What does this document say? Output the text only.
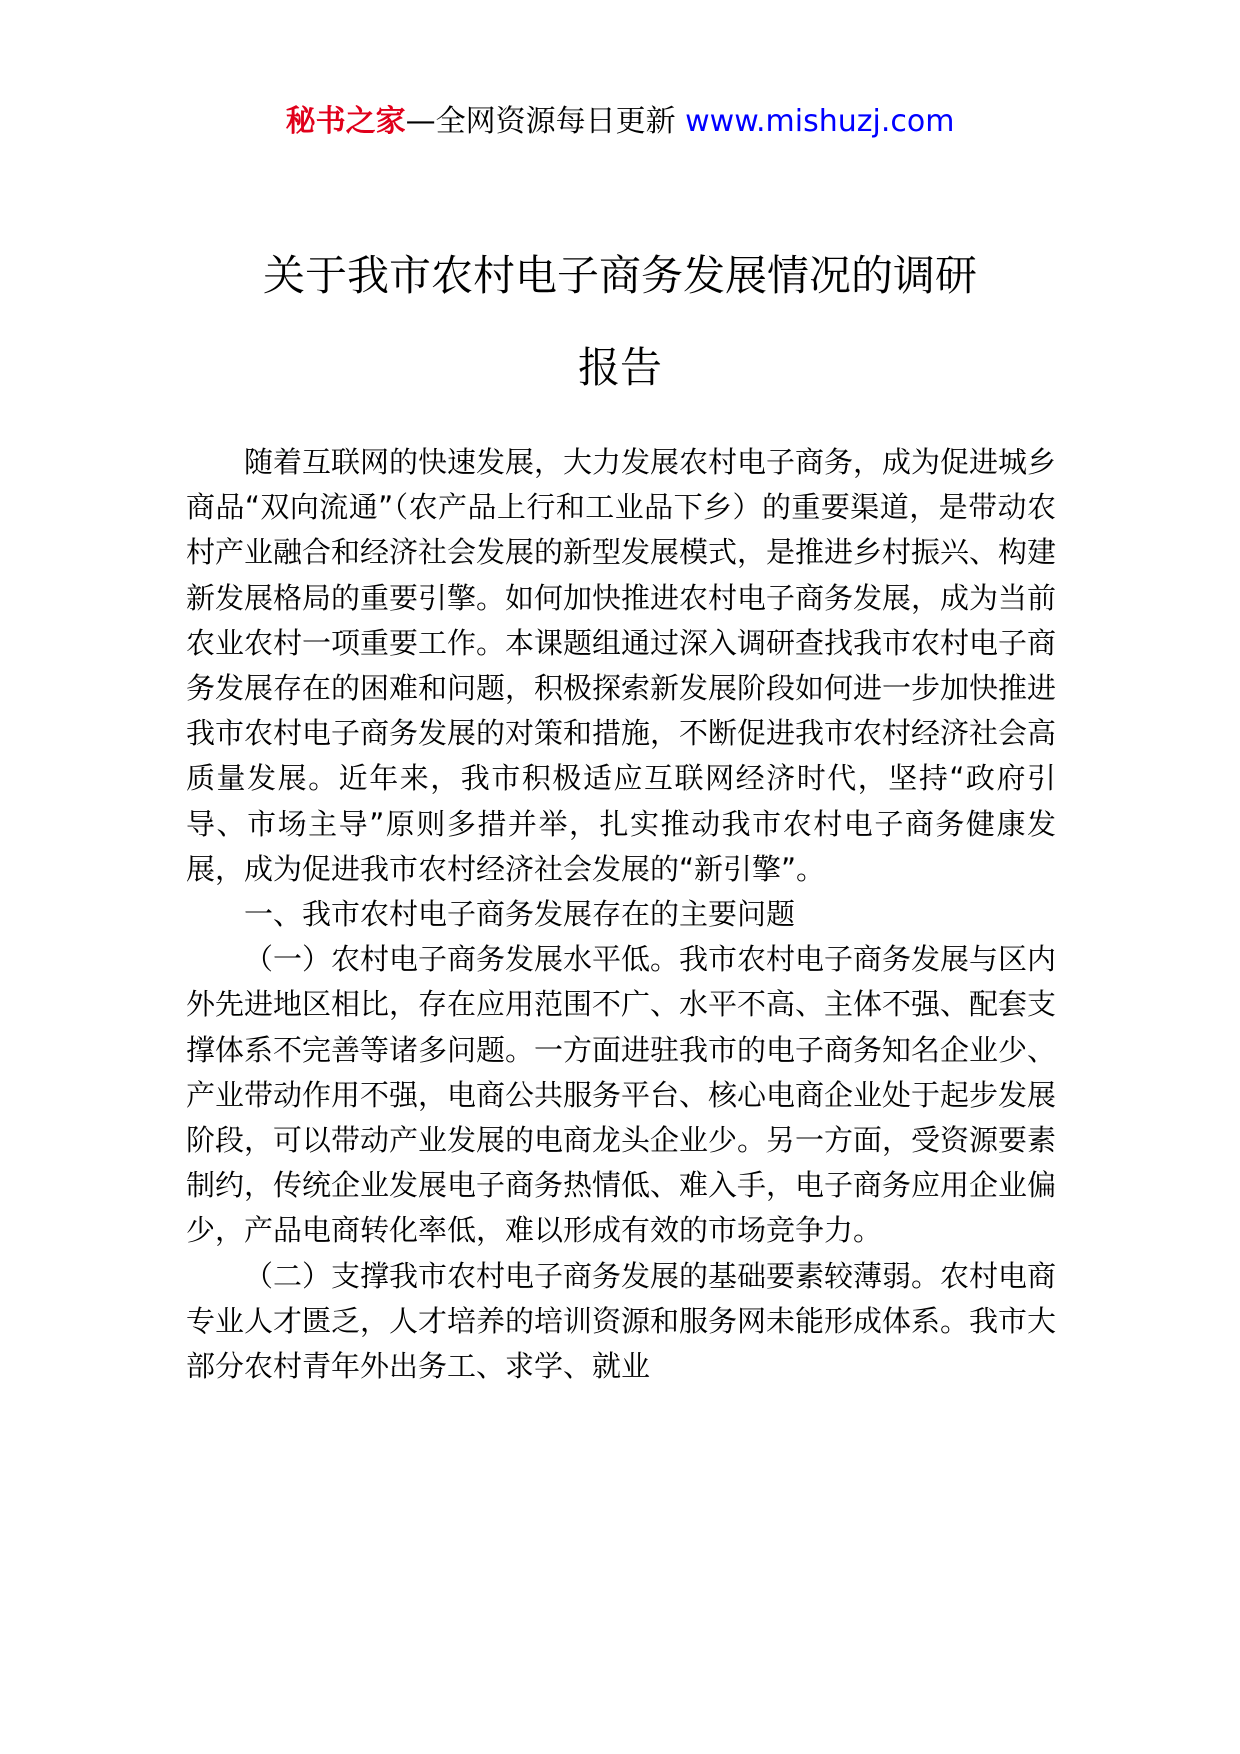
秘书之家—全网资源每日更新 www.mishuzj.com
关于我市农村电子商务发展情况的调研
报告

随着互联网的快速发展，大力发展农村电子商务，成为促进城乡商品“双向流通”（农产品上行和工业品下乡）的重要渠道，是带动农村产业融合和经济社会发展的新型发展模式，是推进乡村振兴、构建新发展格局的重要引擎。如何加快推进农村电子商务发展，成为当前农业农村一项重要工作。本课题组通过深入调研查找我市农村电子商务发展存在的困难和问题，积极探索新发展阶段如何进一步加快推进我市农村电子商务发展的对策和措施，不断促进我市农村经济社会高质量发展。近年来，我市积极适应互联网经济时代，坚持“政府引导、市场主导”原则多措并举，扎实推动我市农村电子商务健康发展，成为促进我市农村经济社会发展的“新引擎”。

一、我市农村电子商务发展存在的主要问题

（一）农村电子商务发展水平低。我市农村电子商务发展与区内外先进地区相比，存在应用范围不广、水平不高、主体不强、配套支撑体系不完善等诸多问题。一方面进驻我市的电子商务知名企业少、产业带动作用不强，电商公共服务平台、核心电商企业处于起步发展阶段，可以带动产业发展的电商龙头企业少。另一方面，受资源要素制约，传统企业发展电子商务热情低、难入手，电子商务应用企业偏少，产品电商转化率低，难以形成有效的市场竞争力。

（二）支撑我市农村电子商务发展的基础要素较薄弱。农村电商专业人才匮乏，人才培养的培训资源和服务网未能形成体系。我市大部分农村青年外出务工、求学、就业
